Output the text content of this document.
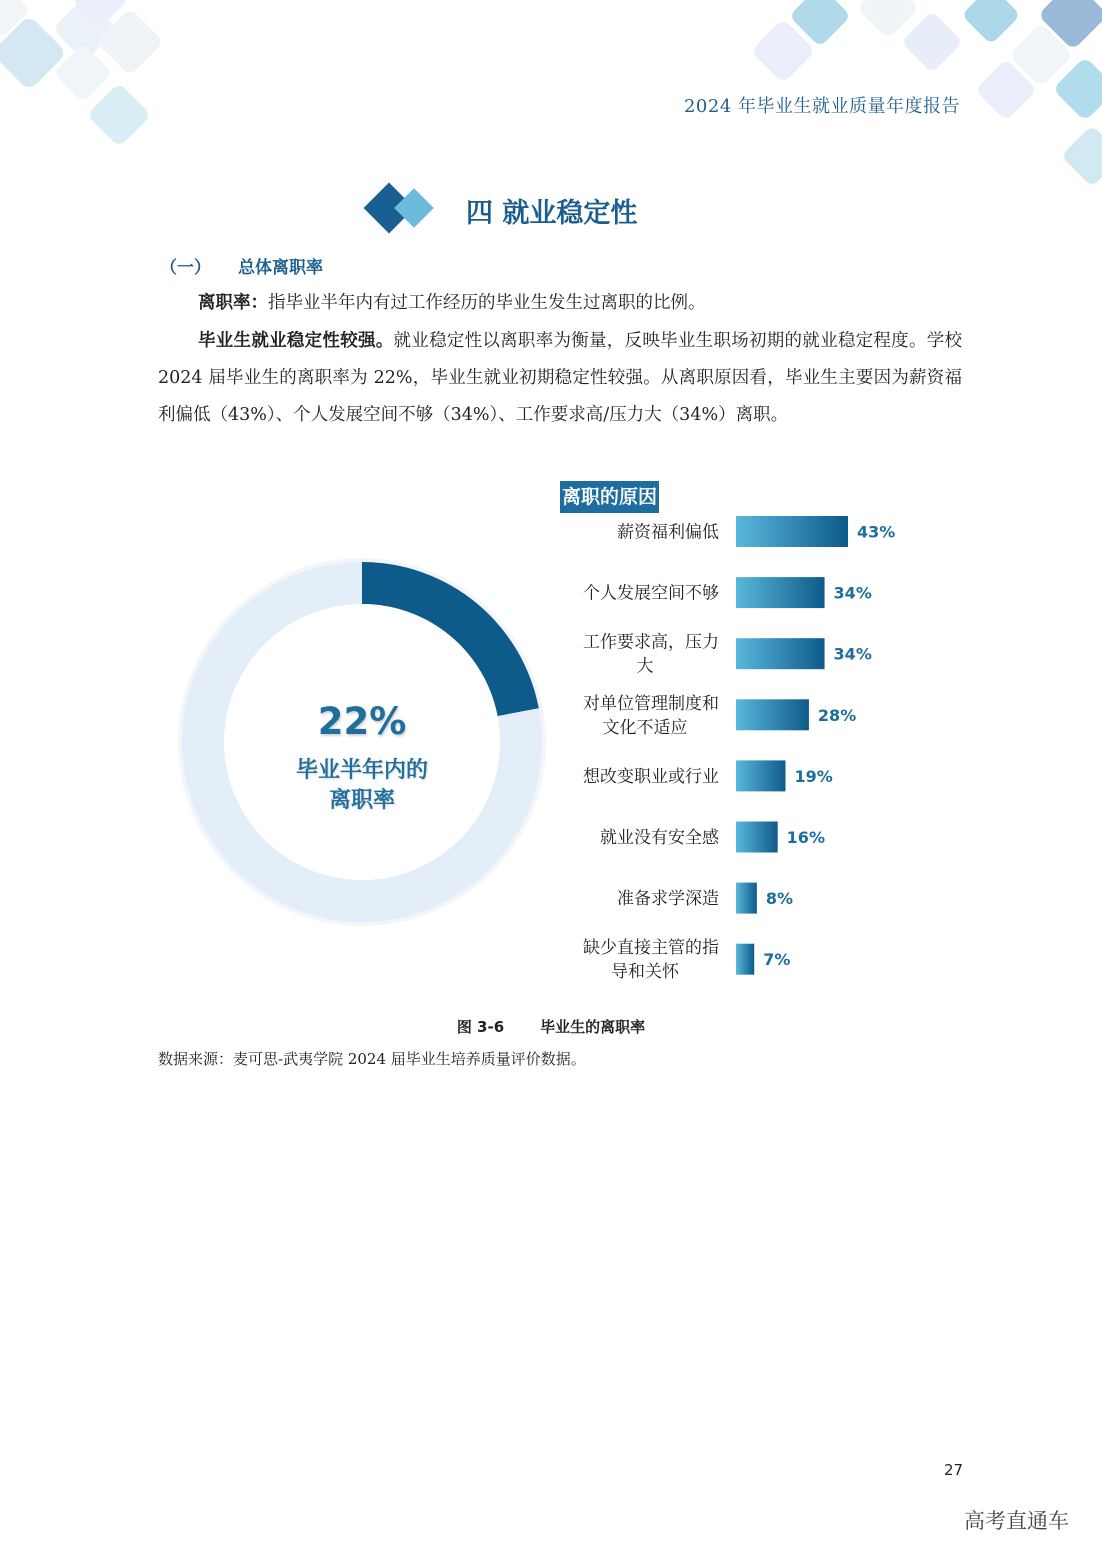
2024 年毕业生就业质量年度报告
四 就业稳定性
（一） 总体离职率
离职率：指毕业半年内有过工作经历的毕业生发生过离职的比例。
毕业生就业稳定性较强。就业稳定性以离职率为衡量，反映毕业生职场初期的就业稳定程度。学校 2024 届毕业生的离职率为 22%，毕业生就业初期稳定性较强。从离职原因看，毕业生主要因为薪资福利偏低（43%）、个人发展空间不够（34%）、工作要求高/压力大（34%）离职。
离职的原因
22%
毕业半年内的
离职率
43%
薪资福利偏低
34%
个人发展空间不够
34%
工作要求高，压力
大
28%
对单位管理制度和
文化不适应
19%
想改变职业或行业
16%
就业没有安全感
8%
准备求学深造
7%
缺少直接主管的指
导和关怀
图 3-6 毕业生的离职率
数据来源：麦可思-武夷学院 2024 届毕业生培养质量评价数据。
27
高考直通车
